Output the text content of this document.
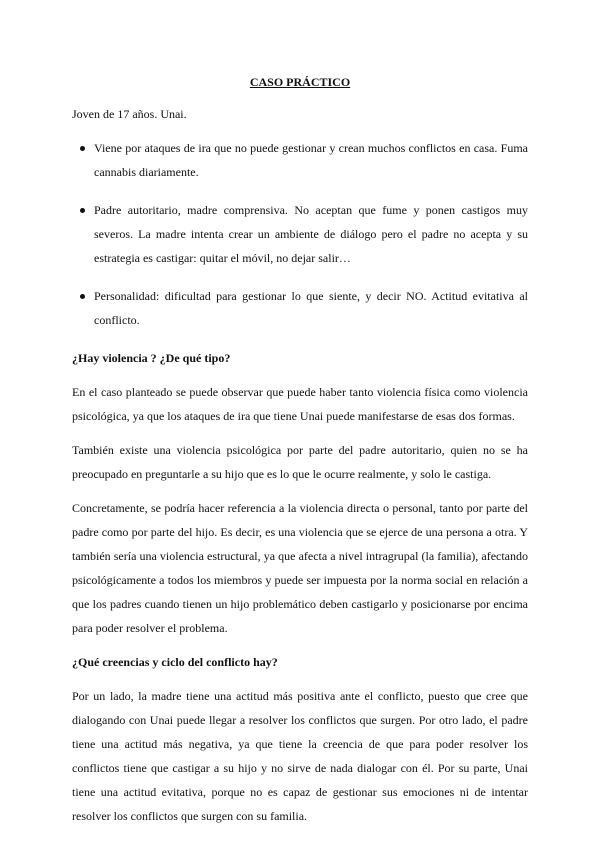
CASO PRÁCTICO

Joven de 17 años. Unai.

Viene por ataques de ira que no puede gestionar y crean muchos conflictos en casa. Fuma cannabis diariamente.
Padre autoritario, madre comprensiva. No aceptan que fume y ponen castigos muy severos. La madre intenta crear un ambiente de diálogo pero el padre no acepta y su estrategia es castigar: quitar el móvil, no dejar salir…
Personalidad: dificultad para gestionar lo que siente, y decir NO. Actitud evitativa al conflicto.
¿Hay violencia ? ¿De qué tipo?

En el caso planteado se puede observar que puede haber tanto violencia física como violencia psicológica, ya que los ataques de ira que tiene Unai puede manifestarse de esas dos formas.

También existe una violencia psicológica por parte del padre autoritario, quien no se ha preocupado en preguntarle a su hijo que es lo que le ocurre realmente, y solo le castiga.

Concretamente, se podría hacer referencia a la violencia directa o personal, tanto por parte del padre como por parte del hijo. Es decir, es una violencia que se ejerce de una persona a otra. Y también sería una violencia estructural, ya que afecta a nivel intragrupal (la familia), afectando psicológicamente a todos los miembros y puede ser impuesta por la norma social en relación a que los padres cuando tienen un hijo problemático deben castigarlo y posicionarse por encima para poder resolver el problema.

¿Qué creencias y ciclo del conflicto hay?

Por un lado, la madre tiene una actitud más positiva ante el conflicto, puesto que cree que dialogando con Unai puede llegar a resolver los conflictos que surgen. Por otro lado, el padre tiene una actitud más negativa, ya que tiene la creencia de que para poder resolver los conflictos tiene que castigar a su hijo y no sirve de nada dialogar con él. Por su parte, Unai tiene una actitud evitativa, porque no es capaz de gestionar sus emociones ni de intentar resolver los conflictos que surgen con su familia.
